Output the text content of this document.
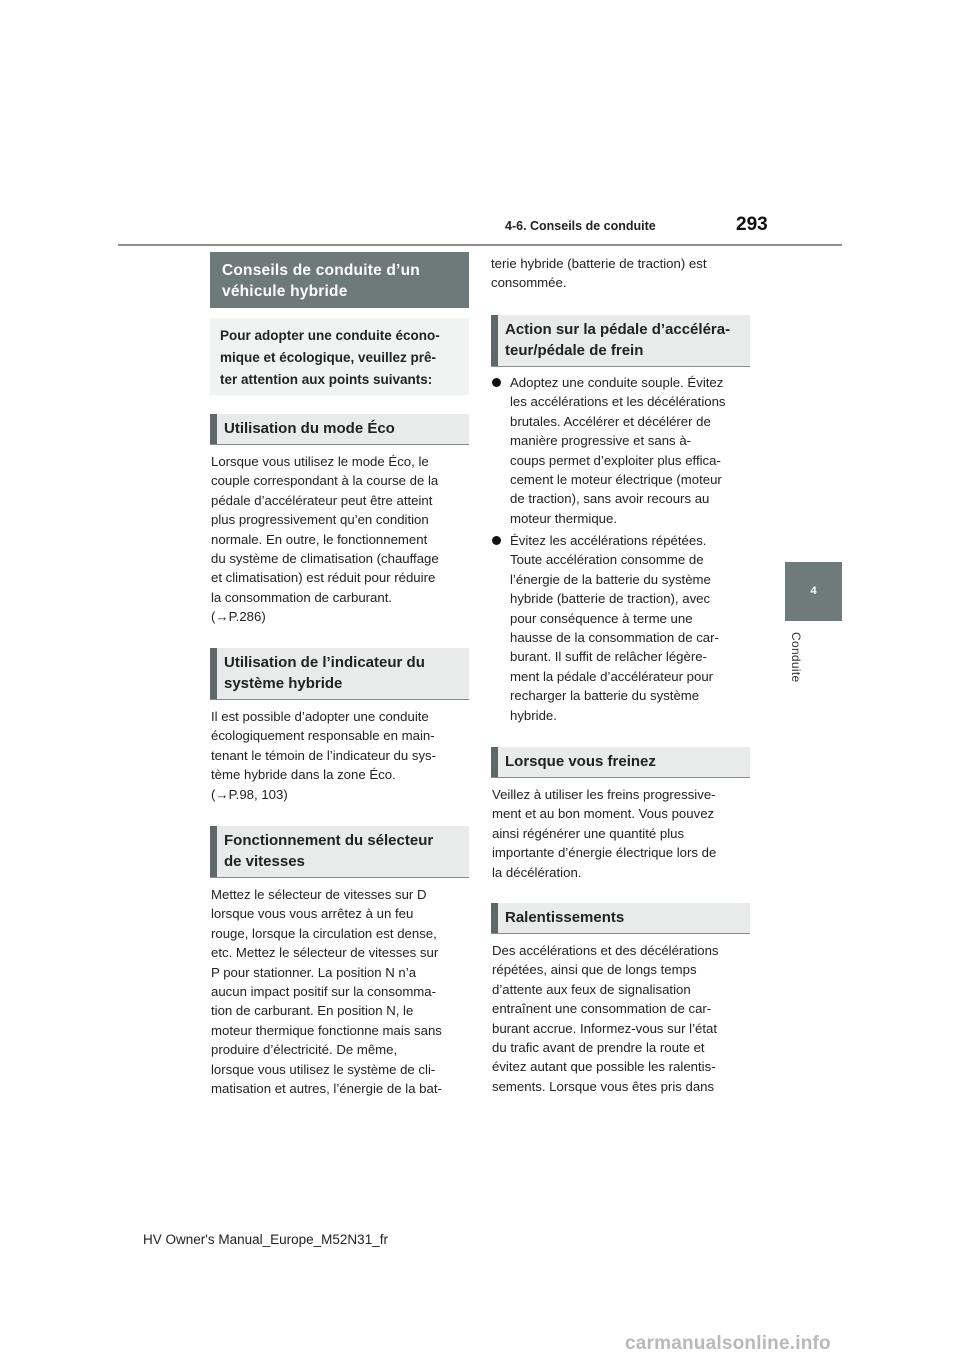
4-6. Conseils de conduite	293
4
Conduite
Conseils de conduite d’un
véhicule hybride
Pour adopter une conduite écono-
mique et écologique, veuillez prê-
ter attention aux points suivants:
Utilisation du mode Éco
Lorsque vous utilisez le mode Éco, le
couple correspondant à la course de la
pédale d’accélérateur peut être atteint
plus progressivement qu’en condition
normale. En outre, le fonctionnement
du système de climatisation (chauffage
et climatisation) est réduit pour réduire
la consommation de carburant.
(→P.286)
Utilisation de l’indicateur du
système hybride
Il est possible d’adopter une conduite
écologiquement responsable en main-
tenant le témoin de l’indicateur du sys-
tème hybride dans la zone Éco.
(→P.98, 103)
Fonctionnement du sélecteur
de vitesses
Mettez le sélecteur de vitesses sur D
lorsque vous vous arrêtez à un feu
rouge, lorsque la circulation est dense,
etc. Mettez le sélecteur de vitesses sur
P pour stationner. La position N n’a
aucun impact positif sur la consomma-
tion de carburant. En position N, le
moteur thermique fonctionne mais sans
produire d’électricité. De même,
lorsque vous utilisez le système de cli-
matisation et autres, l’énergie de la bat-
terie hybride (batterie de traction) est
consommée.
Action sur la pédale d’accéléra-
teur/pédale de frein
Adoptez une conduite souple. Évitez
les accélérations et les décélérations
brutales. Accélérer et décélérer de
manière progressive et sans à-
coups permet d’exploiter plus effica-
cement le moteur électrique (moteur
de traction), sans avoir recours au
moteur thermique.
Évitez les accélérations répétées.
Toute accélération consomme de
l’énergie de la batterie du système
hybride (batterie de traction), avec
pour conséquence à terme une
hausse de la consommation de car-
burant. Il suffit de relâcher légère-
ment la pédale d’accélérateur pour
recharger la batterie du système
hybride.
Lorsque vous freinez
Veillez à utiliser les freins progressive-
ment et au bon moment. Vous pouvez
ainsi régénérer une quantité plus
importante d’énergie électrique lors de
la décélération.
Ralentissements
Des accélérations et des décélérations
répétées, ainsi que de longs temps
d’attente aux feux de signalisation
entraînent une consommation de car-
burant accrue. Informez-vous sur l’état
du trafic avant de prendre la route et
évitez autant que possible les ralentis-
sements. Lorsque vous êtes pris dans
HV Owner's Manual_Europe_M52N31_fr
carmanualsonline.info
